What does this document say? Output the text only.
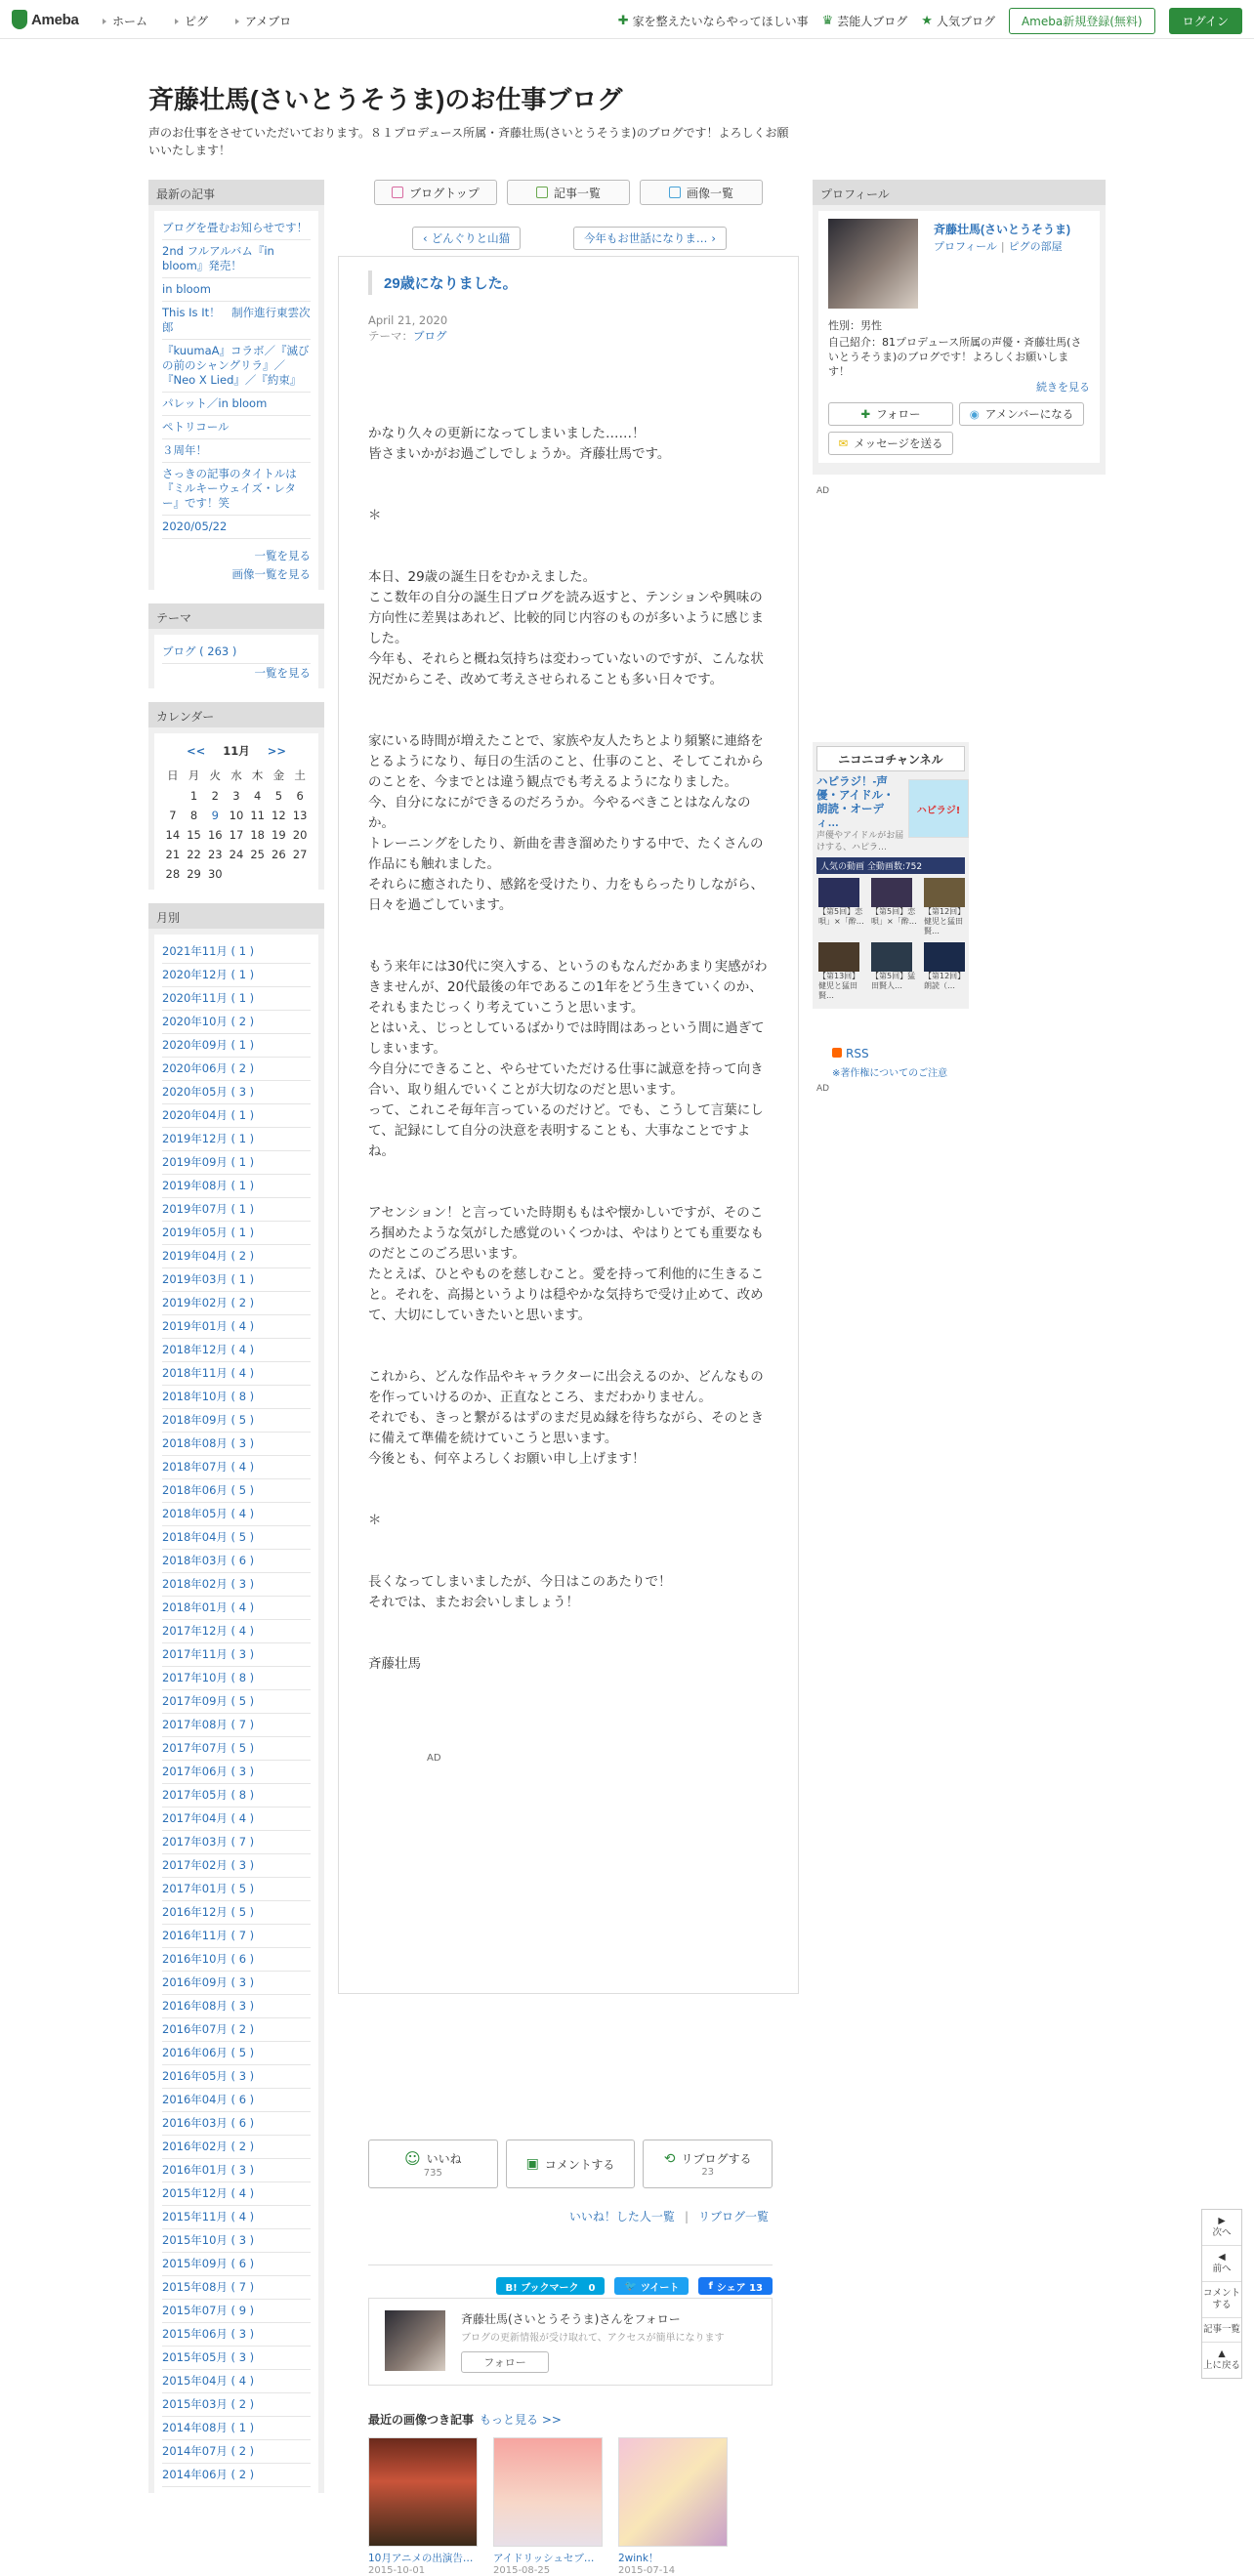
Ameba	ホーム	ピグ	アメブロ	✚ 家を整えたいならやってほしい事 ♛ 芸能人ブログ ★ 人気ブログ	Ameba新規登録(無料)	ログイン
斉藤壮馬(さいとうそうま)のお仕事ブログ

声のお仕事をさせていただいております。８１プロデュース所属・斉藤壮馬(さいとうそうま)のブログです！よろしくお願いいたします！

最新の記事
ブログを畳むお知らせです！
2nd フルアルバム『in bloom』発売！
in bloom
This Is It！　制作進行東雲次郎
『kuumaA』コラボ／『滅びの前のシャングリラ』／『Neo X Lied』／『約束』
パレット／in bloom
ペトリコール
３周年！
さっきの記事のタイトルは『ミルキーウェイズ・レター』です！笑
2020/05/22
一覧を見る
画像一覧を見る
テーマ
ブログ ( 263 )
一覧を見る
カレンダー
<< 11月 >>
日	月	火	水	木	金	土
	1	2	3	4	5	6
7	8	9	10	11	12	13
14	15	16	17	18	19	20
21	22	23	24	25	26	27
28	29	30				
月別
2021年11月 ( 1 )
2020年12月 ( 1 )
2020年11月 ( 1 )
2020年10月 ( 2 )
2020年09月 ( 1 )
2020年06月 ( 2 )
2020年05月 ( 3 )
2020年04月 ( 1 )
2019年12月 ( 1 )
2019年09月 ( 1 )
2019年08月 ( 1 )
2019年07月 ( 1 )
2019年05月 ( 1 )
2019年04月 ( 2 )
2019年03月 ( 1 )
2019年02月 ( 2 )
2019年01月 ( 4 )
2018年12月 ( 4 )
2018年11月 ( 4 )
2018年10月 ( 8 )
2018年09月 ( 5 )
2018年08月 ( 3 )
2018年07月 ( 4 )
2018年06月 ( 5 )
2018年05月 ( 4 )
2018年04月 ( 5 )
2018年03月 ( 6 )
2018年02月 ( 3 )
2018年01月 ( 4 )
2017年12月 ( 4 )
2017年11月 ( 3 )
2017年10月 ( 8 )
2017年09月 ( 5 )
2017年08月 ( 7 )
2017年07月 ( 5 )
2017年06月 ( 3 )
2017年05月 ( 8 )
2017年04月 ( 4 )
2017年03月 ( 7 )
2017年02月 ( 3 )
2017年01月 ( 5 )
2016年12月 ( 5 )
2016年11月 ( 7 )
2016年10月 ( 6 )
2016年09月 ( 3 )
2016年08月 ( 3 )
2016年07月 ( 2 )
2016年06月 ( 5 )
2016年05月 ( 3 )
2016年04月 ( 6 )
2016年03月 ( 6 )
2016年02月 ( 2 )
2016年01月 ( 3 )
2015年12月 ( 4 )
2015年11月 ( 4 )
2015年10月 ( 3 )
2015年09月 ( 6 )
2015年08月 ( 7 )
2015年07月 ( 9 )
2015年06月 ( 3 )
2015年05月 ( 3 )
2015年04月 ( 4 )
2015年03月 ( 2 )
2014年08月 ( 1 )
2014年07月 ( 2 )
2014年06月 ( 2 )
ブログトップ	記事一覧	画像一覧
‹ どんぐりと山猫	今年もお世話になりま… ›
29歳になりました。
April 21, 2020
テーマ：ブログ
かなり久々の更新になってしまいました……！
皆さまいかがお過ごしでしょうか。斉藤壮馬です。

＊

本日、29歳の誕生日をむかえました。
ここ数年の自分の誕生日ブログを読み返すと、テンションや興味の方向性に差異はあれど、比較的同じ内容のものが多いように感じました。
今年も、それらと概ね気持ちは変わっていないのですが、こんな状況だからこそ、改めて考えさせられることも多い日々です。

家にいる時間が増えたことで、家族や友人たちとより頻繁に連絡をとるようになり、毎日の生活のこと、仕事のこと、そしてこれからのことを、今までとは違う観点でも考えるようになりました。
今、自分になにができるのだろうか。今やるべきことはなんなのか。
トレーニングをしたり、新曲を書き溜めたりする中で、たくさんの作品にも触れました。
それらに癒されたり、感銘を受けたり、力をもらったりしながら、日々を過ごしています。

もう来年には30代に突入する、というのもなんだかあまり実感がわきませんが、20代最後の年であるこの1年をどう生きていくのか、それもまたじっくり考えていこうと思います。
とはいえ、じっとしているばかりでは時間はあっという間に過ぎてしまいます。
今自分にできること、やらせていただける仕事に誠意を持って向き合い、取り組んでいくことが大切なのだと思います。
って、これこそ毎年言っているのだけど。でも、こうして言葉にして、記録にして自分の決意を表明することも、大事なことですよね。

アセンション！と言っていた時期ももはや懐かしいですが、そのころ掴めたような気がした感覚のいくつかは、やはりとても重要なものだとこのごろ思います。
たとえば、ひとやものを慈しむこと。愛を持って利他的に生きること。それを、高揚というよりは穏やかな気持ちで受け止めて、改めて、大切にしていきたいと思います。

これから、どんな作品やキャラクターに出会えるのか、どんなものを作っていけるのか、正直なところ、まだわかりません。
それでも、きっと繋がるはずのまだ見ぬ縁を待ちながら、そのときに備えて準備を続けていこうと思います。
今後とも、何卒よろしくお願い申し上げます！

＊

長くなってしまいましたが、今日はこのあたりで！
それでは、またお会いしましょう！

斉藤壮馬
AD
☺ いいね
735
▣ コメントする	⟲ リブログする
23
いいね！した人一覧 | リブログ一覧
B! ブックマーク　0	🐦 ツイート	f シェア 13
斉藤壮馬(さいとうそうま)さんをフォロー
ブログの更新情報が受け取れて、アクセスが簡単になります
フォロー
最近の画像つき記事 もっと見る >>
10月アニメの出演告…
2015-10-01
アイドリッシュセブ…
2015-08-25
2wink！
2015-07-14
プロフィール
斉藤壮馬(さいとうそうま)
プロフィール | ピグの部屋
性別：男性
自己紹介：81プロデュース所属の声優・斉藤壮馬(さいとうそうま)のブログです！よろしくお願いします！
続きを見る
✚ フォロー	◉ アメンバーになる
✉ メッセージを送る
AD
ニコニコチャンネル
ハピラジ！-声優・アイドル・朗読・オーディ…
ハピラジ!
声優やアイドルがお届けする、ハピラ…
人気の動画 全動画数:752
【第5回】恋唄」×「酔…
【第5回】恋唄」×「酔…
【第12回】健児と猛田賢…
【第13回】健児と猛田賢…
【第5回】猛田賢人…
【第12回】朗読（…
RSS
※著作権についてのご注意
AD
▶
次へ
◀
前へ
コメントする
記事一覧
▲
上に戻る
